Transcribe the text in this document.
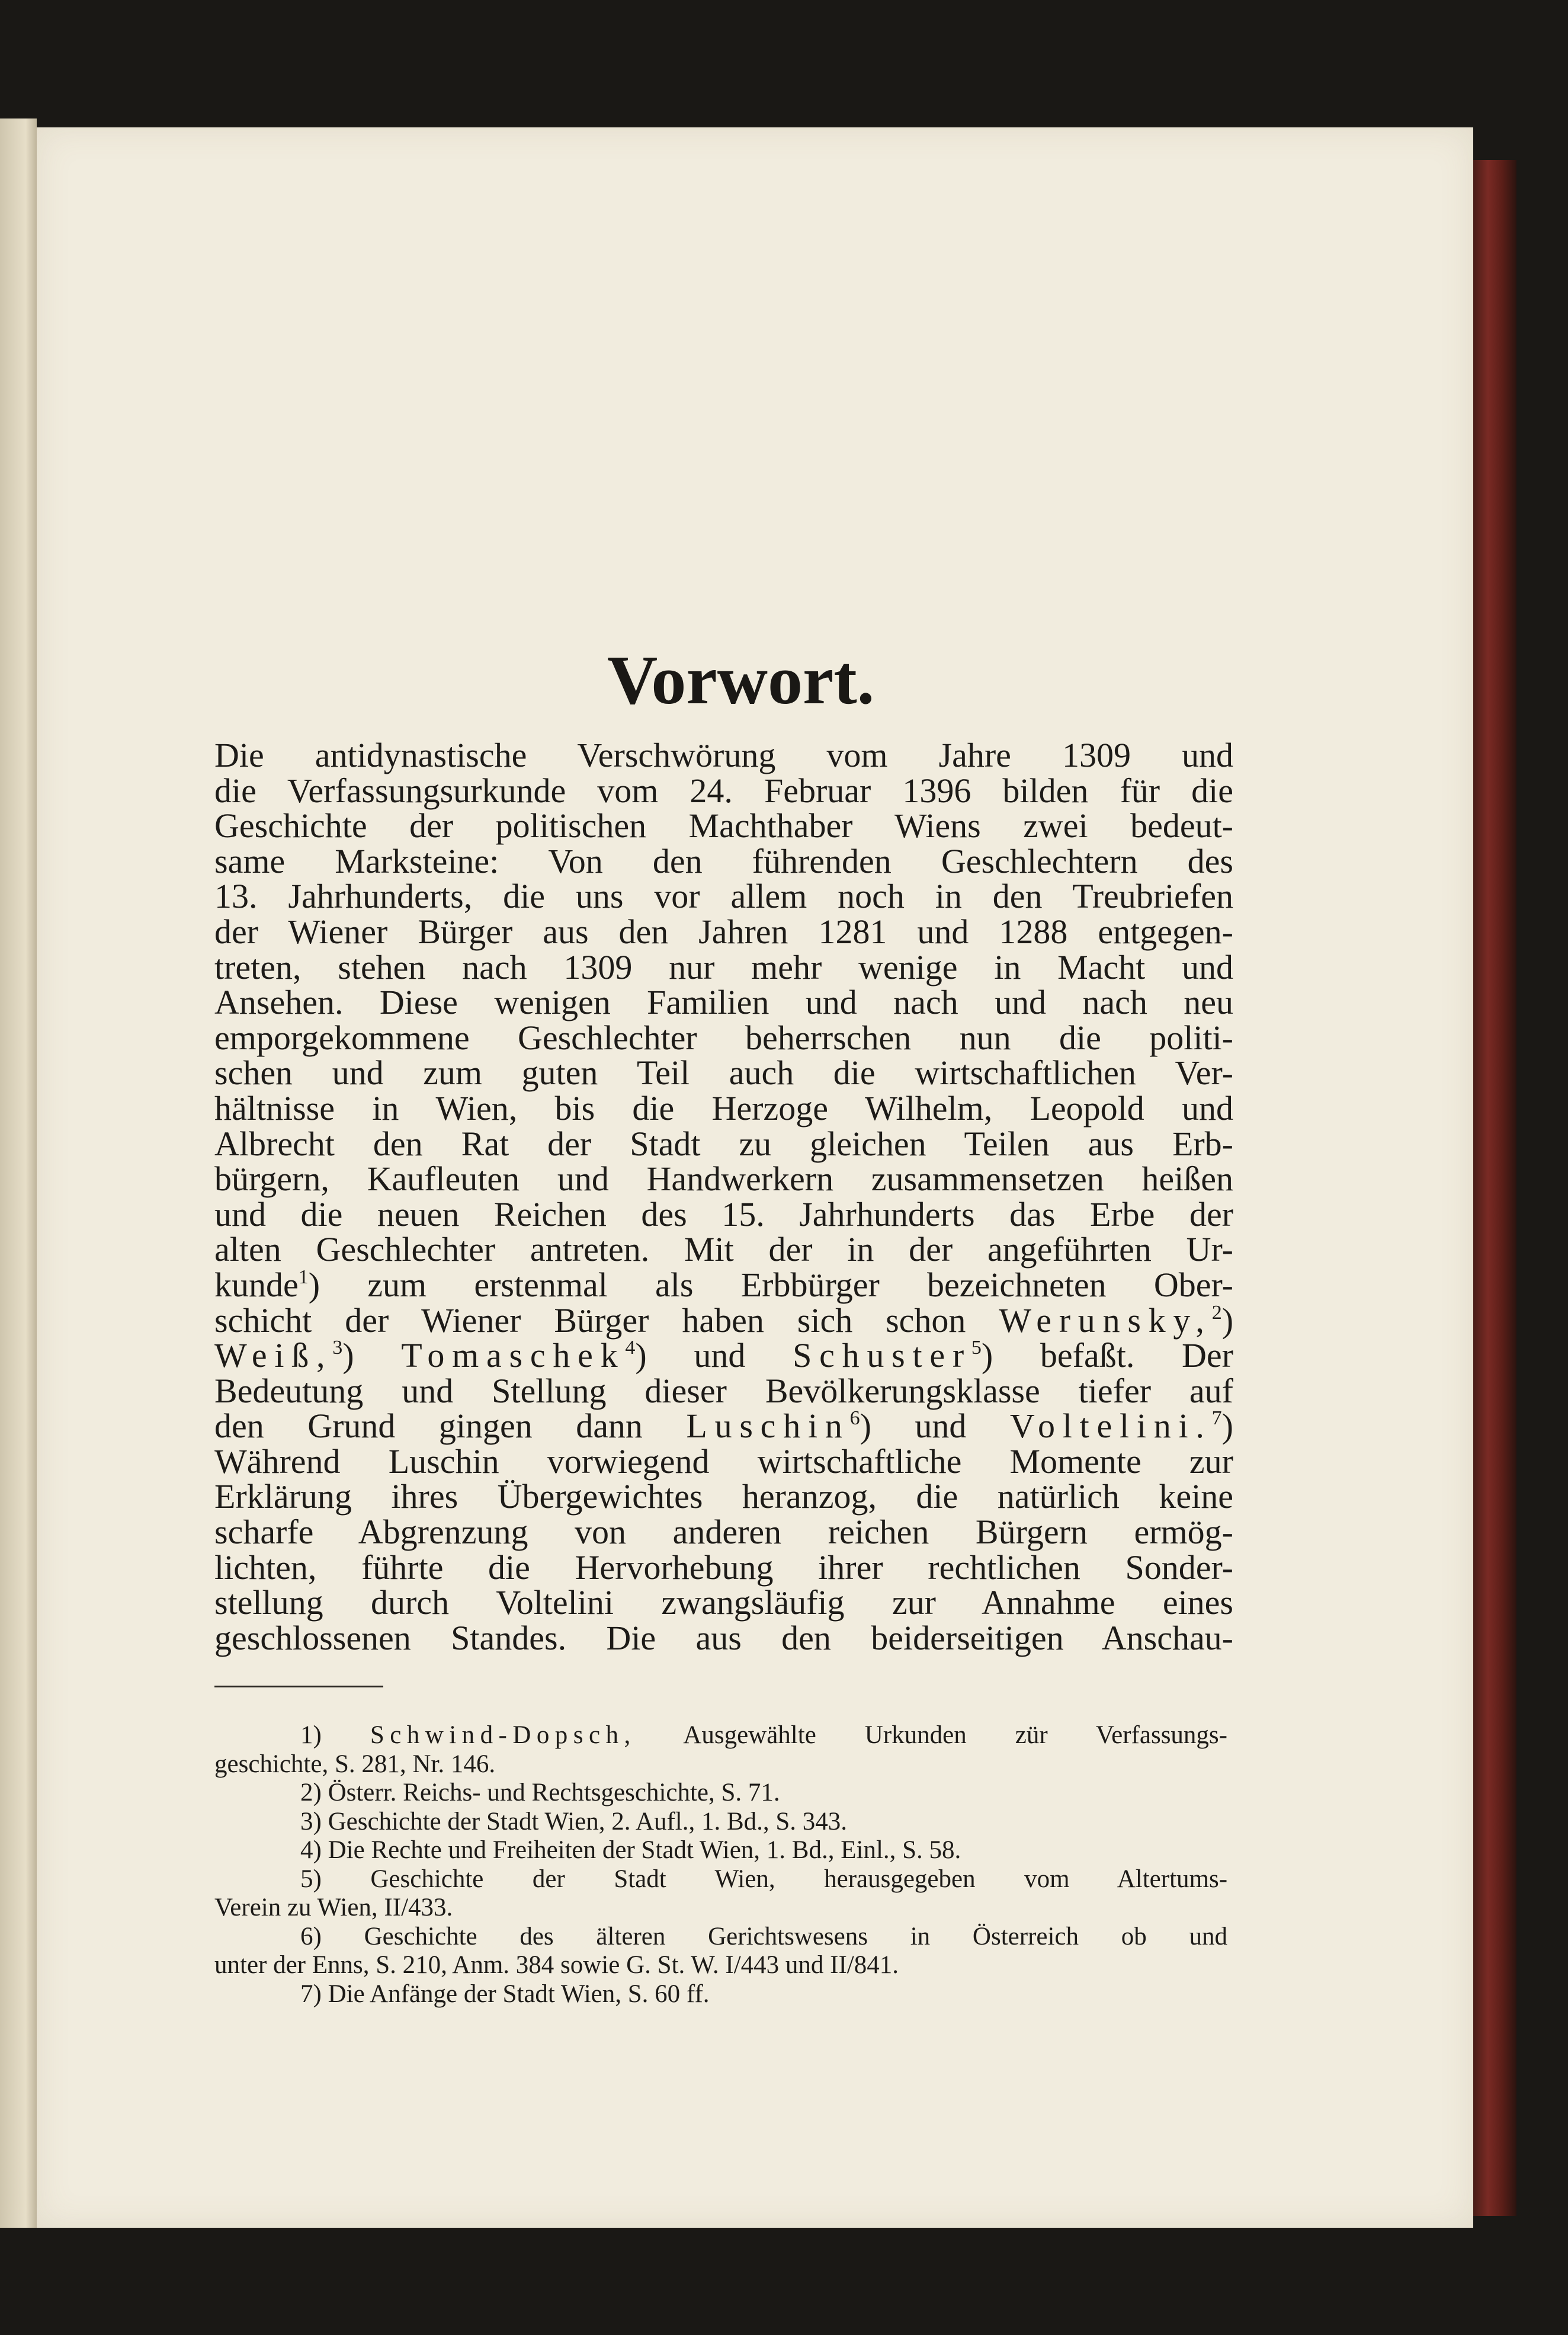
Vorwort.
Die antidynastische Verschwörung vom Jahre 1309 und
die Verfassungsurkunde vom 24. Februar 1396 bilden für die
Geschichte der politischen Machthaber Wiens zwei bedeut-
same Marksteine: Von den führenden Geschlechtern des
13. Jahrhunderts, die uns vor allem noch in den Treubriefen
der Wiener Bürger aus den Jahren 1281 und 1288 entgegen-
treten, stehen nach 1309 nur mehr wenige in Macht und
Ansehen. Diese wenigen Familien und nach und nach neu
emporgekommene Geschlechter beherrschen nun die politi-
schen und zum guten Teil auch die wirtschaftlichen Ver-
hältnisse in Wien, bis die Herzoge Wilhelm, Leopold und
Albrecht den Rat der Stadt zu gleichen Teilen aus Erb-
bürgern, Kaufleuten und Handwerkern zusammensetzen heißen
und die neuen Reichen des 15. Jahrhunderts das Erbe der
alten Geschlechter antreten. Mit der in der angeführten Ur-
kunde$^1$) zum erstenmal als Erbbürger bezeichneten Ober-
schicht der Wiener Bürger haben sich schon Werunsky,$^2$)
Weiß,$^3$) Tomaschek$^4$) und Schuster$^5$) befaßt. Der
Bedeutung und Stellung dieser Bevölkerungsklasse tiefer auf
den Grund gingen dann Luschin$^6$) und Voltelini.$^7$)
Während Luschin vorwiegend wirtschaftliche Momente zur
Erklärung ihres Übergewichtes heranzog, die natürlich keine
scharfe Abgrenzung von anderen reichen Bürgern ermög-
lichten, führte die Hervorhebung ihrer rechtlichen Sonder-
stellung durch Voltelini zwangsläufig zur Annahme eines
geschlossenen Standes. Die aus den beiderseitigen Anschau-
1) Schwind-Dopsch, Ausgewählte Urkunden zür Verfassungs-
geschichte, S. 281, Nr. 146.
2) Österr. Reichs- und Rechtsgeschichte, S. 71.
3) Geschichte der Stadt Wien, 2. Aufl., 1. Bd., S. 343.
4) Die Rechte und Freiheiten der Stadt Wien, 1. Bd., Einl., S. 58.
5) Geschichte der Stadt Wien, herausgegeben vom Altertums-
Verein zu Wien, II/433.
6) Geschichte des älteren Gerichtswesens in Österreich ob und
unter der Enns, S. 210, Anm. 384 sowie G. St. W. I/443 und II/841.
7) Die Anfänge der Stadt Wien, S. 60 ff.
